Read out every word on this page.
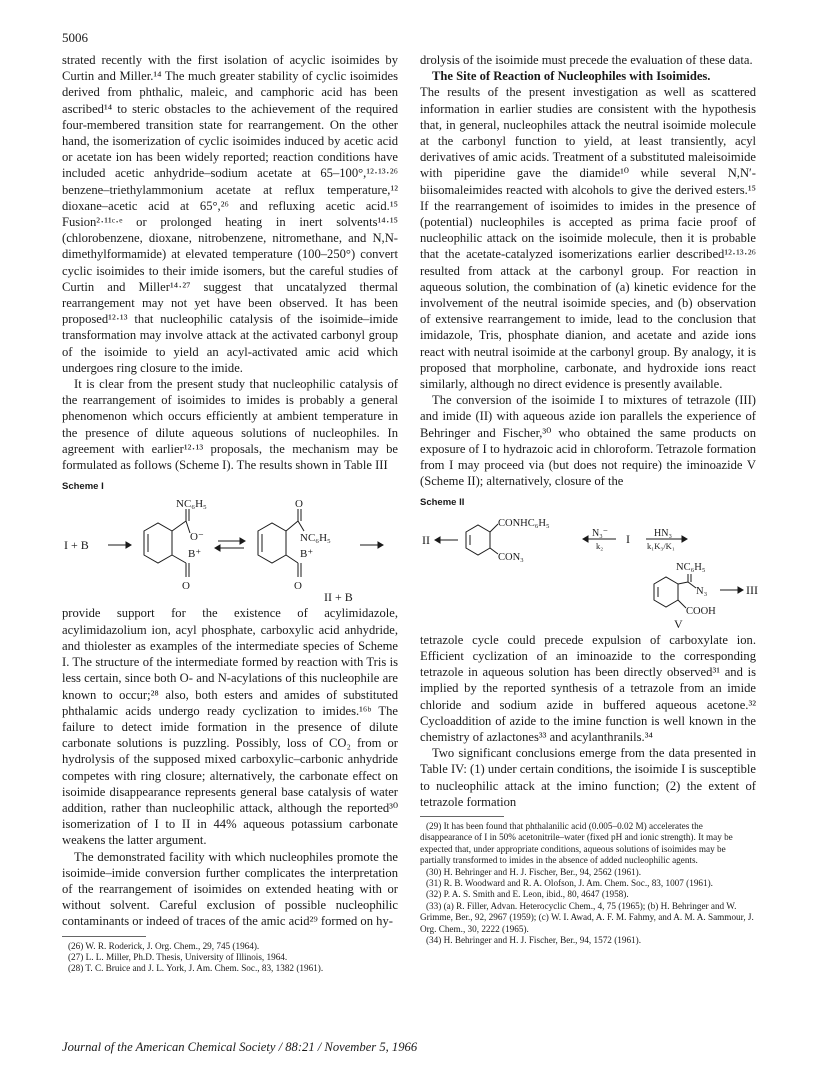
5006

strated recently with the first isolation of acyclic isoimides by Curtin and Miller.¹⁴ The much greater stability of cyclic isoimides derived from phthalic, maleic, and camphoric acid has been ascribed¹⁴ to steric obstacles to the achievement of the required four-membered transition state for rearrangement. On the other hand, the isomerization of cyclic isoimides induced by acetic acid or acetate ion has been widely reported; reaction conditions have included acetic anhydride–sodium acetate at 65–100°,¹²·¹³·²⁶ benzene–triethylammonium acetate at reflux temperature,¹² dioxane–acetic acid at 65°,²⁶ and refluxing acetic acid.¹⁵ Fusion²·¹¹ᶜ·ᵉ or prolonged heating in inert solvents¹⁴·¹⁵ (chlorobenzene, dioxane, nitrobenzene, nitromethane, and N,N-dimethylformamide) at elevated temperature (100–250°) convert cyclic isoimides to their imide isomers, but the careful studies of Curtin and Miller¹⁴·²⁷ suggest that uncatalyzed thermal rearrangement may not yet have been observed. It has been proposed¹²·¹³ that nucleophilic catalysis of the isoimide–imide transformation may involve attack at the activated carbonyl group of the isoimide to yield an acyl-activated amic acid which undergoes ring closure to the imide.

It is clear from the present study that nucleophilic catalysis of the rearrangement of isoimides to imides is probably a general phenomenon which occurs efficiently at ambient temperature in the presence of dilute aqueous solutions of nucleophiles. In agreement with earlier¹²·¹³ proposals, the mechanism may be formulated as follows (Scheme I). The results shown in Table III

Scheme I
I + B
NC₆H₅
O⁻
B⁺
O
O
NC₆H₅
B⁺
O
II + B

provide support for the existence of acylimidazole, acylimidazolium ion, acyl phosphate, carboxylic acid anhydride, and thiolester as examples of the intermediate species of Scheme I. The structure of the intermediate formed by reaction with Tris is less certain, since both O- and N-acylations of this nucleophile are known to occur;²⁸ also, both esters and amides of substituted phthalamic acids undergo ready cyclization to imides.¹⁶ᵇ The failure to detect imide formation in the presence of dilute carbonate solutions is puzzling. Possibly, loss of CO₂ from or hydrolysis of the supposed mixed carboxylic–carbonic anhydride competes with ring closure; alternatively, the carbonate effect on isoimide disappearance represents general base catalysis of water addition, rather than nucleophilic attack, although the reported³⁰ isomerization of I to II in 44% aqueous potassium carbonate weakens the latter argument.

The demonstrated facility with which nucleophiles promote the isoimide–imide conversion further complicates the interpretation of the rearrangement of isoimides on extended heating with or without solvent. Careful exclusion of possible nucleophilic contaminants or indeed of traces of the amic acid²⁹ formed on hy-

(26) W. R. Roderick, J. Org. Chem., 29, 745 (1964).

(27) L. L. Miller, Ph.D. Thesis, University of Illinois, 1964.

(28) T. C. Bruice and J. L. York, J. Am. Chem. Soc., 83, 1382 (1961).

drolysis of the isoimide must precede the evaluation of these data.

The Site of Reaction of Nucleophiles with Isoimides.

The results of the present investigation as well as scattered information in earlier studies are consistent with the hypothesis that, in general, nucleophiles attack the neutral isoimide molecule at the carbonyl function to yield, at least transiently, acyl derivatives of amic acids. Treatment of a substituted maleisoimide with piperidine gave the diamide¹⁰ while several N,N′-biisomaleimides reacted with alcohols to give the derived esters.¹⁵ If the rearrangement of isoimides to imides in the presence of (potential) nucleophiles is accepted as prima facie proof of nucleophilic attack on the isoimide molecule, then it is probable that the acetate-catalyzed isomerizations earlier described¹²·¹³·²⁶ resulted from attack at the carbonyl group. For reaction in aqueous solution, the combination of (a) kinetic evidence for the involvement of the neutral isoimide species, and (b) observation of extensive rearrangement to imide, lead to the conclusion that imidazole, Tris, phosphate dianion, and acetate and azide ions react with neutral isoimide at the carbonyl group. By analogy, it is proposed that morpholine, carbonate, and hydroxide ions react similarly, although no direct evidence is presently available.

The conversion of the isoimide I to mixtures of tetrazole (III) and imide (II) with aqueous azide ion parallels the experience of Behringer and Fischer,³⁰ who obtained the same products on exposure of I to hydrazoic acid in chloroform. Tetrazole formation from I may proceed via (but does not require) the iminoazide V (Scheme II); alternatively, closure of the

Scheme II
II
CONHC₆H₅
CON₃
N₃⁻
k₂ I HN₃
k₁K₃/K₁
NC₆H₅
N₃
COOH
III
V

tetrazole cycle could precede expulsion of carboxylate ion. Efficient cyclization of an iminoazide to the corresponding tetrazole in aqueous solution has been directly observed³¹ and is implied by the reported synthesis of a tetrazole from an imide chloride and sodium azide in buffered aqueous acetone.³² Cycloaddition of azide to the imine function is well known in the chemistry of azlactones³³ and acylanthranils.³⁴

Two significant conclusions emerge from the data presented in Table IV: (1) under certain conditions, the isoimide I is susceptible to nucleophilic attack at the imino function; (2) the extent of tetrazole formation

(29) It has been found that phthalanilic acid (0.005–0.02 M) accelerates the disappearance of I in 50% acetonitrile–water (fixed pH and ionic strength). It may be expected that, under appropriate conditions, aqueous solutions of isoimides may be partially transformed to imides in the absence of added nucleophilic agents.

(30) H. Behringer and H. J. Fischer, Ber., 94, 2562 (1961).

(31) R. B. Woodward and R. A. Olofson, J. Am. Chem. Soc., 83, 1007 (1961).

(32) P. A. S. Smith and E. Leon, ibid., 80, 4647 (1958).

(33) (a) R. Filler, Advan. Heterocyclic Chem., 4, 75 (1965); (b) H. Behringer and W. Grimme, Ber., 92, 2967 (1959); (c) W. I. Awad, A. F. M. Fahmy, and A. M. A. Sammour, J. Org. Chem., 30, 2222 (1965).

(34) H. Behringer and H. J. Fischer, Ber., 94, 1572 (1961).

Journal of the American Chemical Society / 88:21 / November 5, 1966
